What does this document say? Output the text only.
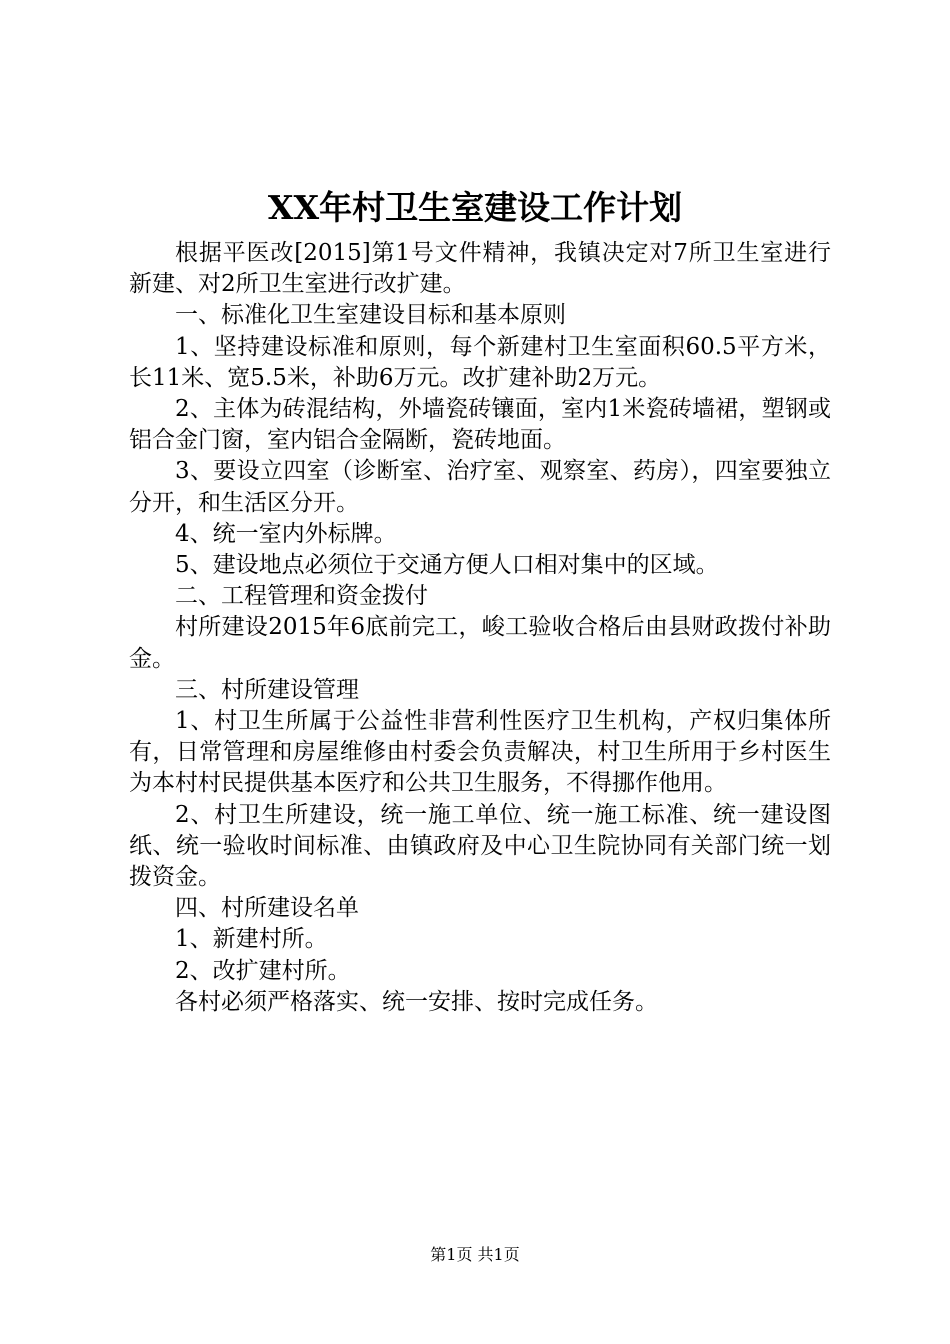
XX年村卫生室建设工作计划

根据平医改[2015]第1号文件精神，我镇决定对7所卫生室进行新建、对2所卫生室进行改扩建。

一、标准化卫生室建设目标和基本原则

1、坚持建设标准和原则，每个新建村卫生室面积60.5平方米，长11米、宽5.5米，补助6万元。改扩建补助2万元。

2、主体为砖混结构，外墙瓷砖镶面，室内1米瓷砖墙裙，塑钢或铝合金门窗，室内铝合金隔断，瓷砖地面。

3、要设立四室（诊断室、治疗室、观察室、药房），四室要独立分开，和生活区分开。

4、统一室内外标牌。

5、建设地点必须位于交通方便人口相对集中的区域。

二、工程管理和资金拨付

村所建设2015年6底前完工，峻工验收合格后由县财政拨付补助金。

三、村所建设管理

1、村卫生所属于公益性非营利性医疗卫生机构，产权归集体所有，日常管理和房屋维修由村委会负责解决，村卫生所用于乡村医生为本村村民提供基本医疗和公共卫生服务，不得挪作他用。

2、村卫生所建设，统一施工单位、统一施工标准、统一建设图纸、统一验收时间标准、由镇政府及中心卫生院协同有关部门统一划拨资金。

四、村所建设名单

1、新建村所。

2、改扩建村所。

各村必须严格落实、统一安排、按时完成任务。

第1页 共1页
